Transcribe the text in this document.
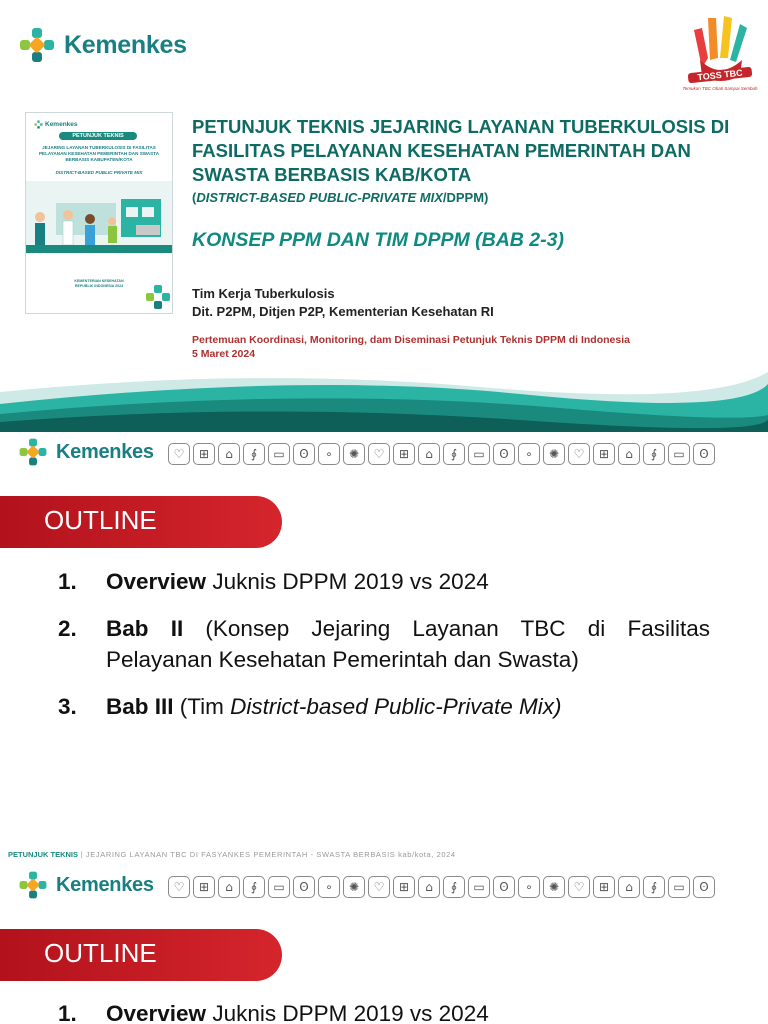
Kemenkes
TOSS TBC
Temukan TBC Obati Sampai Sembuh
Kemenkes
PETUNJUK TEKNIS
JEJARING LAYANAN TUBERKULOSIS DI FASILITAS PELAYANAN KESEHATAN PEMERINTAH DAN SWASTA BERBASIS KABUPATEN/KOTA
DISTRICT-BASED PUBLIC PRIVATE MIX
KEMENTERIAN KESEHATAN REPUBLIK INDONESIA 2024
PETUNJUK TEKNIS JEJARING LAYANAN TUBERKULOSIS DI FASILITAS PELAYANAN KESEHATAN PEMERINTAH DAN SWASTA BERBASIS KAB/KOTA
(DISTRICT-BASED PUBLIC-PRIVATE MIX/DPPM)
KONSEP PPM DAN TIM DPPM (BAB 2-3)
Tim Kerja Tuberkulosis
Dit. P2PM, Ditjen P2P, Kementerian Kesehatan RI
Pertemuan Koordinasi, Monitoring, dam Diseminasi Petunjuk Teknis DPPM di Indonesia
5 Maret 2024
Kemenkes	♡	⊞	⌂	∮	▭	ʘ	∘	✺	♡	⊞	⌂	∮	▭	ʘ	∘	✺	♡	⊞	⌂	∮	▭	ʘ
OUTLINE
1.	Overview Juknis DPPM 2019 vs 2024
2.	Bab II (Konsep Jejaring Layanan TBC di Fasilitas Pelayanan Kesehatan Pemerintah dan Swasta)
3.	Bab III (Tim District-based Public-Private Mix)
PETUNJUK TEKNIS | JEJARING LAYANAN TBC DI FASYANKES PEMERINTAH - SWASTA BERBASIS kab/kota, 2024
Kemenkes	♡	⊞	⌂	∮	▭	ʘ	∘	✺	♡	⊞	⌂	∮	▭	ʘ	∘	✺	♡	⊞	⌂	∮	▭	ʘ
OUTLINE
1.	Overview Juknis DPPM 2019 vs 2024
